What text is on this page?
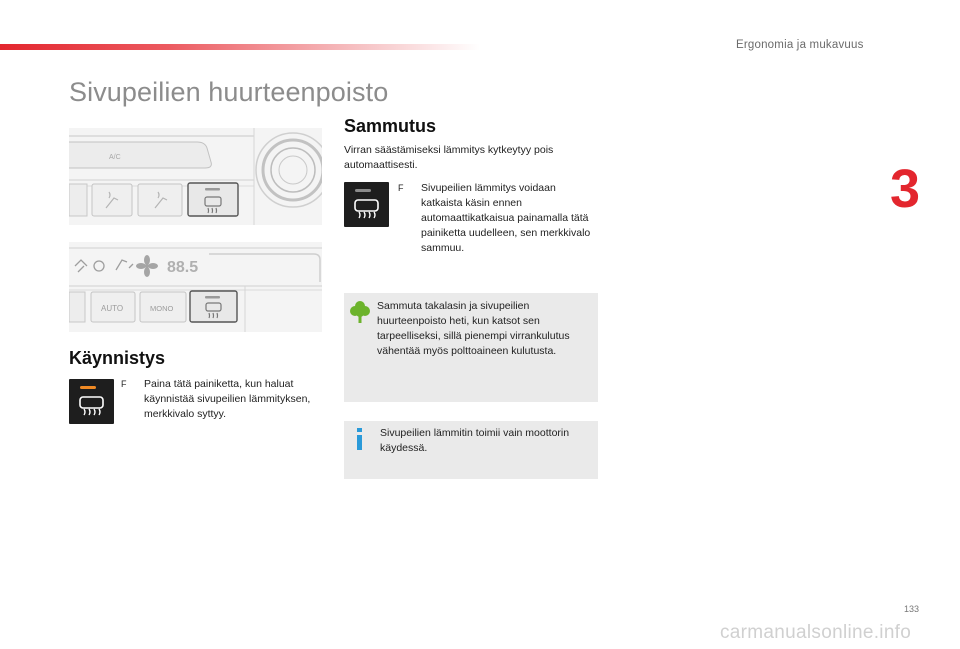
Ergonomia ja mukavuus
3
Sivupeilien huurteenpoisto
A/C
88.5
AUTO	MONO
Käynnistys
F	Paina tätä painiketta, kun haluat käynnistää sivupeilien lämmityksen, merkkivalo syttyy.
Sammutus

Virran säästämiseksi lämmitys kytkeytyy pois automaattisesti.

F	Sivupeilien lämmitys voidaan katkaista käsin ennen automaattikatkaisua painamalla tätä painiketta uudelleen, sen merkkivalo sammuu.
Sammuta takalasin ja sivupeilien huurteenpoisto heti, kun katsot sen tarpeelliseksi, sillä pienempi virrankulutus vähentää myös polttoaineen kulutusta.
Sivupeilien lämmitin toimii vain moottorin käydessä.
133
carmanualsonline.info
